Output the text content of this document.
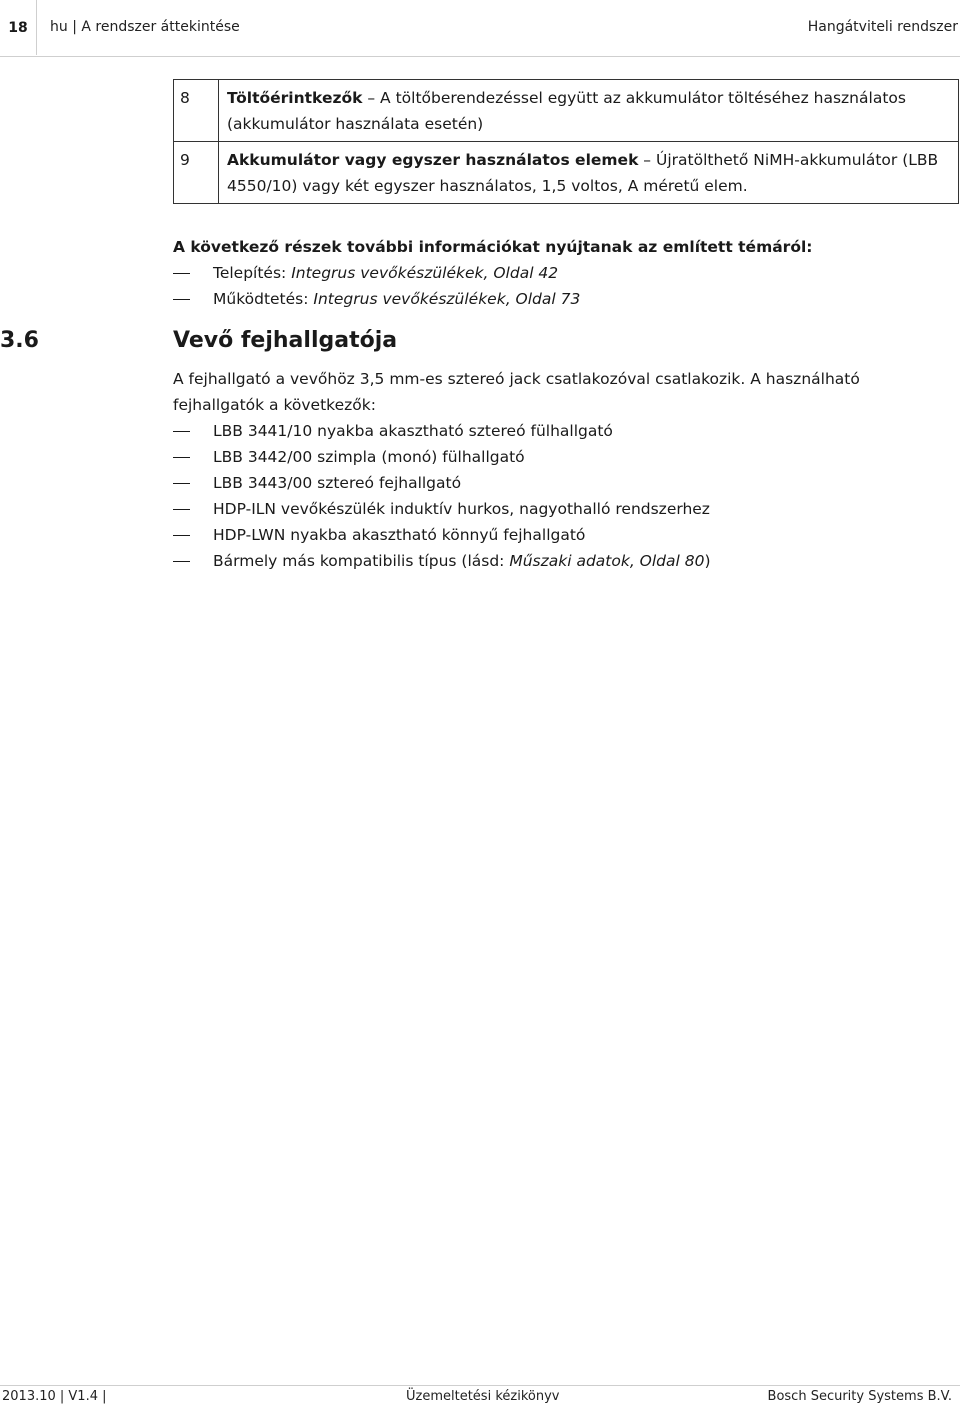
18	hu | A rendszer áttekintése	Hangátviteli rendszer
8	Töltőérintkezők – A töltőberendezéssel együtt az akkumulátor töltéséhez használatos (akkumulátor használata esetén)
9	Akkumulátor vagy egyszer használatos elemek – Újratölthető NiMH-akkumulátor (LBB 4550/10) vagy két egyszer használatos, 1,5 voltos, A méretű elem.
A következő részek további információkat nyújtanak az említett témáról:
Telepítés: Integrus vevőkészülékek, Oldal 42
Működtetés: Integrus vevőkészülékek, Oldal 73
3.6	Vevő fejhallgatója

A fejhallgató a vevőhöz 3,5 mm-es sztereó jack csatlakozóval csatlakozik. A használható fejhallgatók a következők:

LBB 3441/10 nyakba akasztható sztereó fülhallgató
LBB 3442/00 szimpla (monó) fülhallgató
LBB 3443/00 sztereó fejhallgató
HDP-ILN vevőkészülék induktív hurkos, nagyothalló rendszerhez
HDP-LWN nyakba akasztható könnyű fejhallgató
Bármely más kompatibilis típus (lásd: Műszaki adatok, Oldal 80)
2013.10 | V1.4 |	Üzemeltetési kézikönyv	Bosch Security Systems B.V.
